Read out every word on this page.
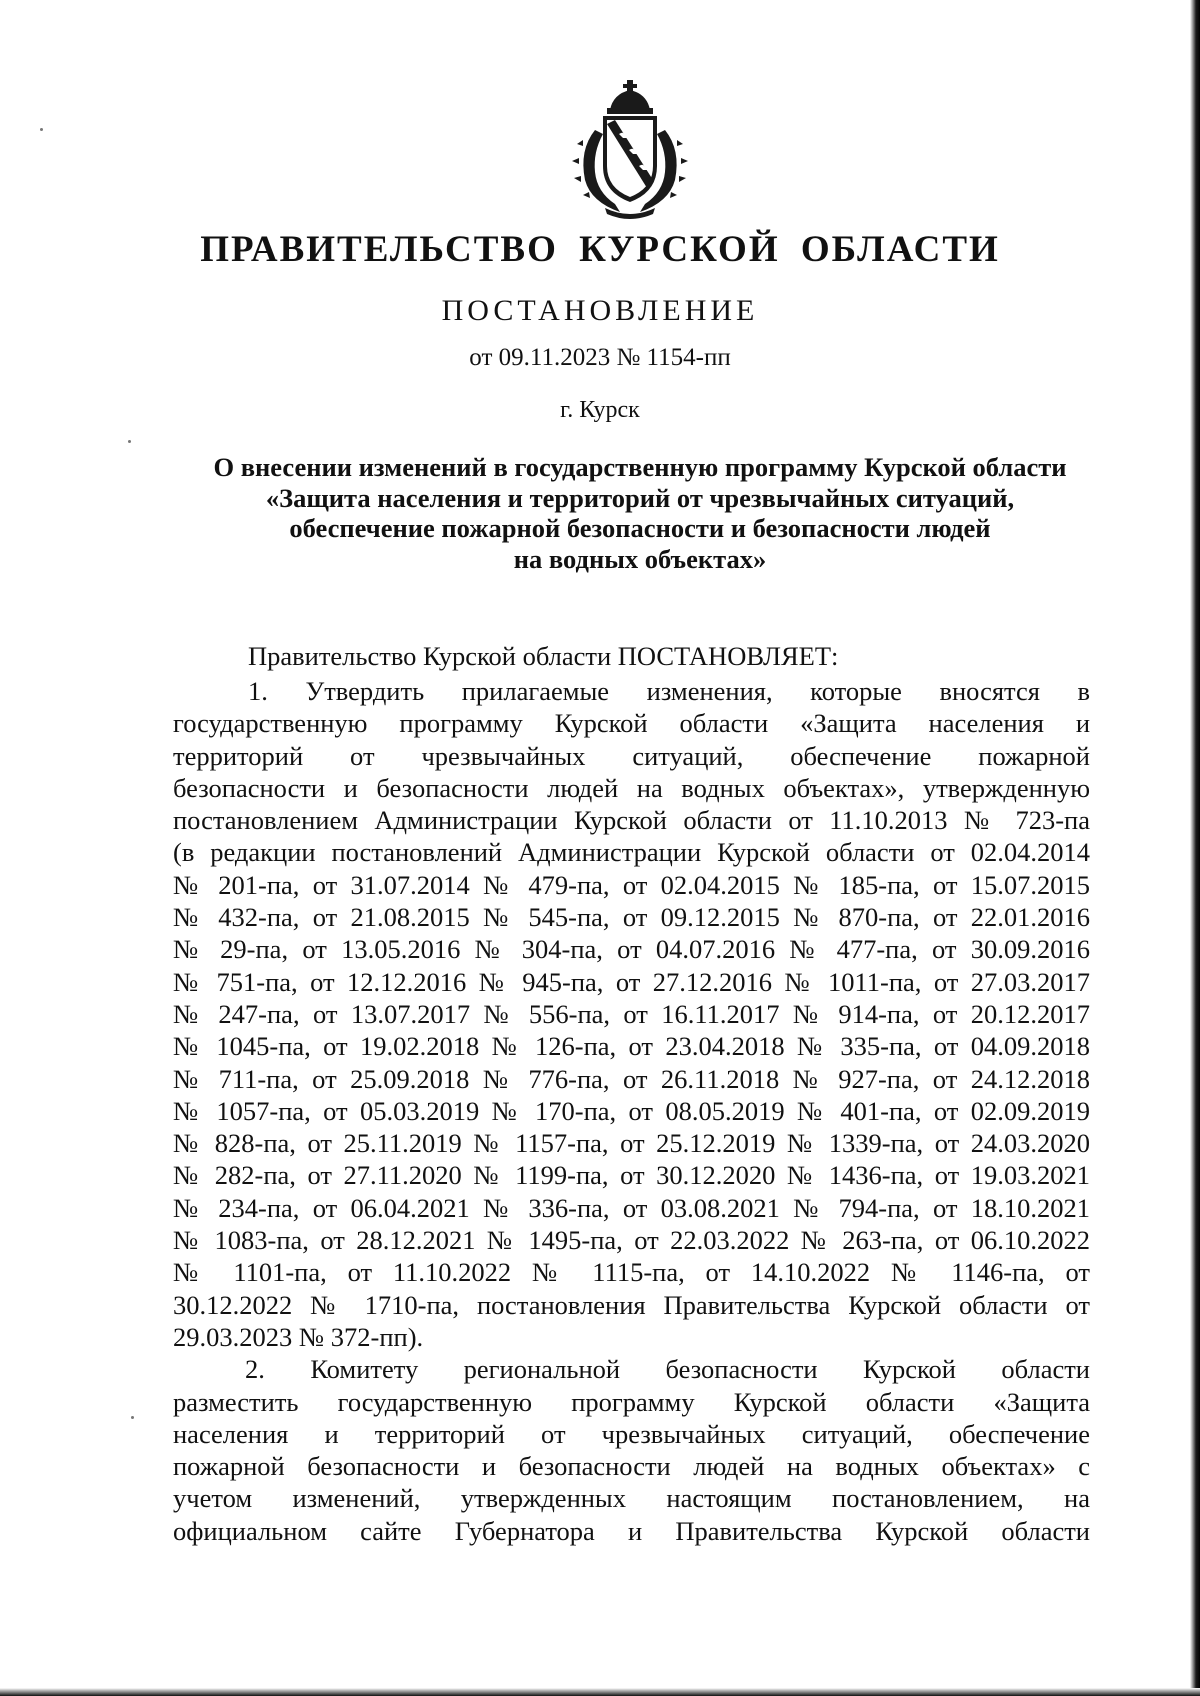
ПРАВИТЕЛЬСТВО КУРСКОЙ ОБЛАСТИ
ПОСТАНОВЛЕНИЕ
от 09.11.2023 № 1154-пп
г. Курск
О внесении изменений в государственную программу Курской области
«Защита населения и территорий от чрезвычайных ситуаций,
обеспечение пожарной безопасности и безопасности людей
на водных объектах»
Правительство Курской области ПОСТАНОВЛЯЕТ:
1. Утвердить прилагаемые изменения, которые вносятся в
государственную программу Курской области «Защита населения и
территорий от чрезвычайных ситуаций, обеспечение пожарной
безопасности и безопасности людей на водных объектах», утвержденную
постановлением Администрации Курской области от 11.10.2013 № 723-па
(в редакции постановлений Администрации Курской области от 02.04.2014
№ 201-па, от 31.07.2014 № 479-па, от 02.04.2015 № 185-па, от 15.07.2015
№ 432-па, от 21.08.2015 № 545-па, от 09.12.2015 № 870-па, от 22.01.2016
№ 29-па, от 13.05.2016 № 304-па, от 04.07.2016 № 477-па, от 30.09.2016
№ 751-па, от 12.12.2016 № 945-па, от 27.12.2016 № 1011-па, от 27.03.2017
№ 247-па, от 13.07.2017 № 556-па, от 16.11.2017 № 914-па, от 20.12.2017
№ 1045-па, от 19.02.2018 № 126-па, от 23.04.2018 № 335-па, от 04.09.2018
№ 711-па, от 25.09.2018 № 776-па, от 26.11.2018 № 927-па, от 24.12.2018
№ 1057-па, от 05.03.2019 № 170-па, от 08.05.2019 № 401-па, от 02.09.2019
№ 828-па, от 25.11.2019 № 1157-па, от 25.12.2019 № 1339-па, от 24.03.2020
№ 282-па, от 27.11.2020 № 1199-па, от 30.12.2020 № 1436-па, от 19.03.2021
№ 234-па, от 06.04.2021 № 336-па, от 03.08.2021 № 794-па, от 18.10.2021
№ 1083-па, от 28.12.2021 № 1495-па, от 22.03.2022 № 263-па, от 06.10.2022
№ 1101-па, от 11.10.2022 № 1115-па, от 14.10.2022 № 1146-па, от
30.12.2022 № 1710-па, постановления Правительства Курской области от
29.03.2023 № 372-пп).
2. Комитету региональной безопасности Курской области
разместить государственную программу Курской области «Защита
населения и территорий от чрезвычайных ситуаций, обеспечение
пожарной безопасности и безопасности людей на водных объектах» с
учетом изменений, утвержденных настоящим постановлением, на
официальном сайте Губернатора и Правительства Курской области
